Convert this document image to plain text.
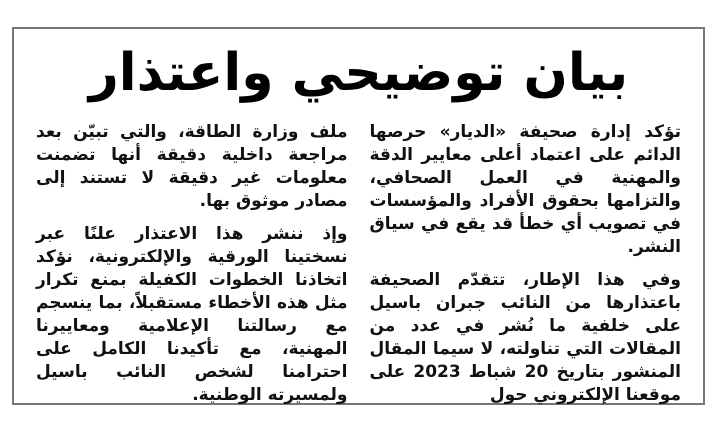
بيان توضيحي واعتذار

تؤكد إدارة صحيفة «الديار» حرصها الدائم على اعتماد أعلى معايير الدقة والمهنية في العمل الصحافي، والتزامها بحقوق الأفراد والمؤسسات في تصويب أي خطأ قد يقع في سياق النشر.

وفي هذا الإطار، تتقدّم الصحيفة باعتذارها من النائب جبران باسيل على خلفية ما نُشر في عدد من المقالات التي تناولته، لا سيما المقال المنشور بتاريخ 20 شباط 2023 على موقعنا الإلكتروني حول

ملف وزارة الطاقة، والتي تبيّن بعد مراجعة داخلية دقيقة أنها تضمنت معلومات غير دقيقة لا تستند إلى مصادر موثوق بها.

وإذ ننشر هذا الاعتذار علنًا عبر نسختينا الورقية والإلكترونية، نؤكد اتخاذنا الخطوات الكفيلة بمنع تكرار مثل هذه الأخطاء مستقبلاً، بما ينسجم مع رسالتنا الإعلامية ومعاييرنا المهنية، مع تأكيدنا الكامل على احترامنا لشخص النائب باسيل ولمسيرته الوطنية.
